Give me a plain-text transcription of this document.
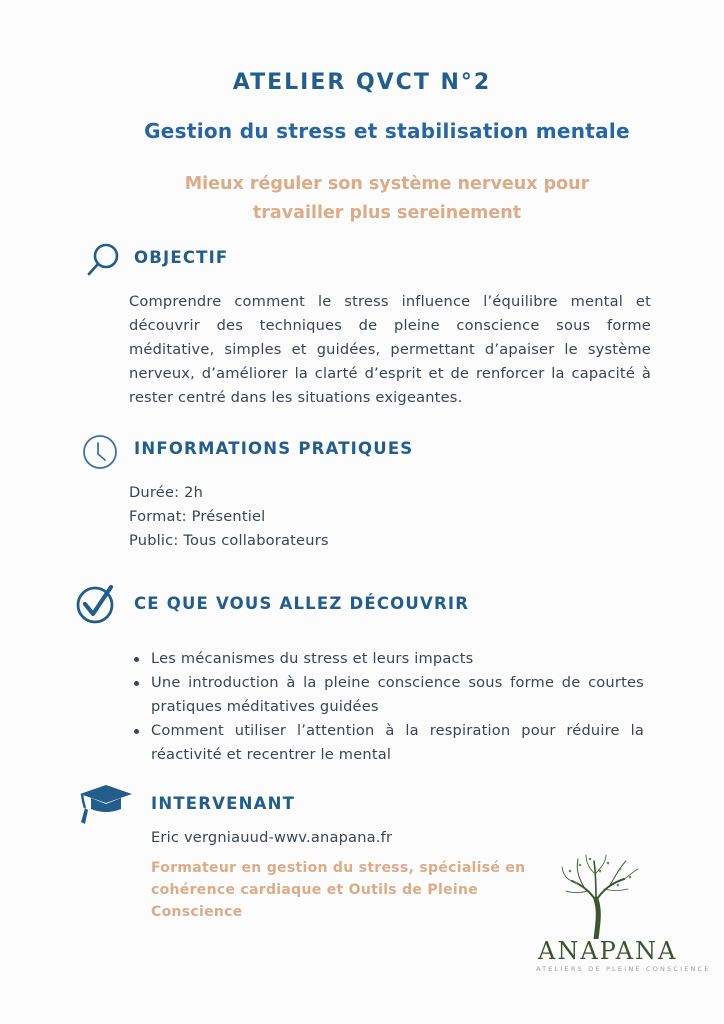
ATELIER QVCT N°2
Gestion du stress et stabilisation mentale
Mieux réguler son système nerveux pour
travailler plus sereinement
OBJECTIF
Comprendre comment le stress influence l’équilibre mental et découvrir des techniques de pleine conscience sous forme méditative, simples et guidées, permettant d’apaiser le système nerveux, d’améliorer la clarté d’esprit et de renforcer la capacité à rester centré dans les situations exigeantes.
INFORMATIONS PRATIQUES
Durée: 2h
Format: Présentiel
Public: Tous collaborateurs
CE QUE VOUS ALLEZ DÉCOUVRIR
Les mécanismes du stress et leurs impacts
Une introduction à la pleine conscience sous forme de courtes pratiques méditatives guidées
Comment utiliser l’attention à la respiration pour réduire la réactivité et recentrer le mental
INTERVENANT
Eric vergniauud-wwv.anapana.fr
Formateur en gestion du stress, spécialisé en
cohérence cardiaque et Outils de Pleine
Conscience
ANAPANA
ATELIERS DE PLEINE CONSCIENCE
